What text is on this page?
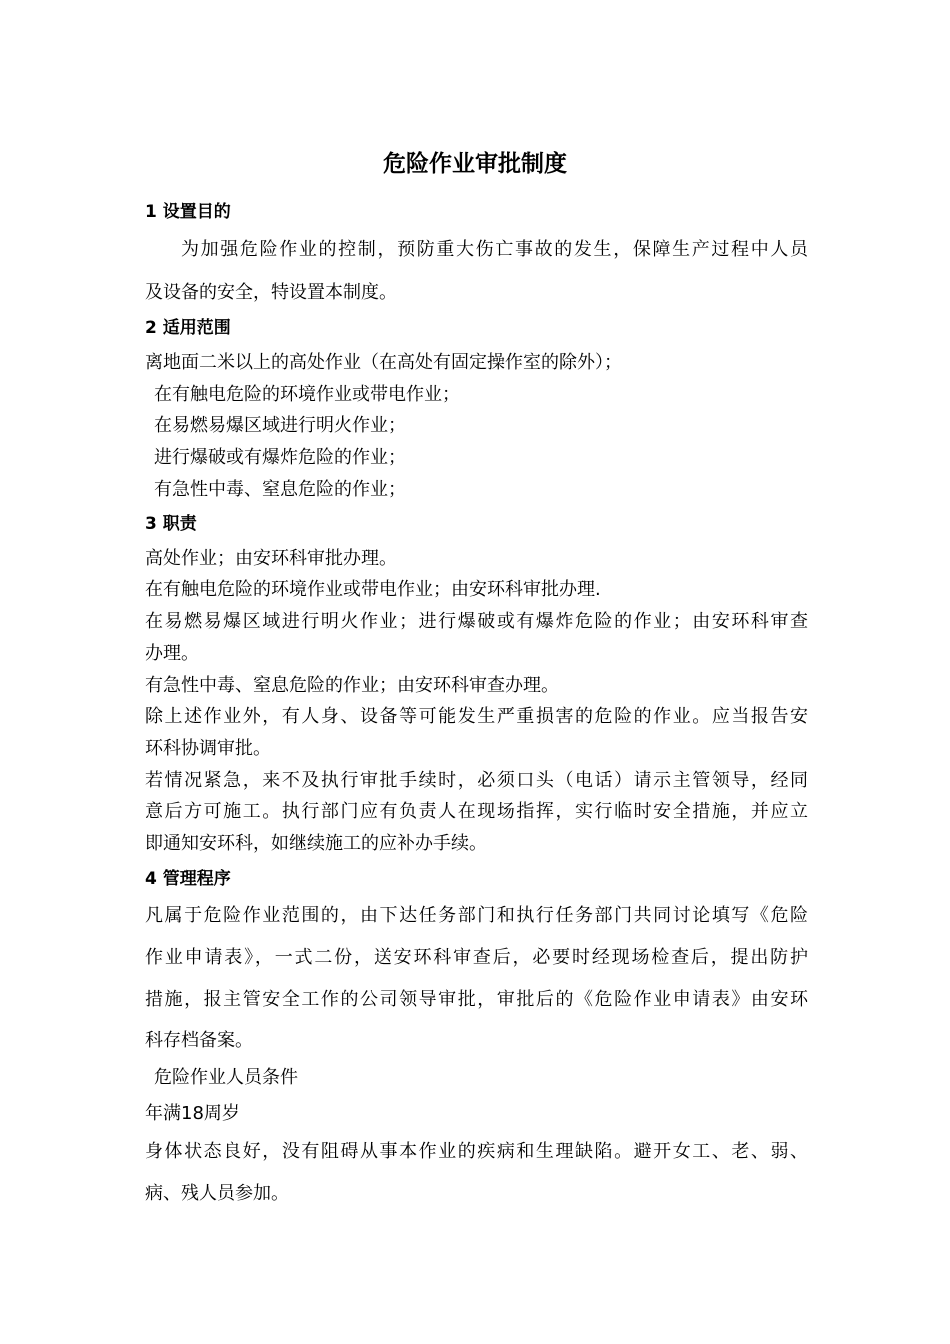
危险作业审批制度
1 设置目的
为加强危险作业的控制，预防重大伤亡事故的发生，保障生产过程中人员
及设备的安全，特设置本制度。
2 适用范围
离地面二米以上的高处作业（在高处有固定操作室的除外）；
在有触电危险的环境作业或带电作业；
在易燃易爆区域进行明火作业；
进行爆破或有爆炸危险的作业；
有急性中毒、窒息危险的作业；
3 职责
高处作业；由安环科审批办理。
在有触电危险的环境作业或带电作业；由安环科审批办理.
在易燃易爆区域进行明火作业；进行爆破或有爆炸危险的作业；由安环科审查
办理。
有急性中毒、窒息危险的作业；由安环科审查办理。
除上述作业外，有人身、设备等可能发生严重损害的危险的作业。应当报告安
环科协调审批。
若情况紧急，来不及执行审批手续时，必须口头（电话）请示主管领导，经同
意后方可施工。执行部门应有负责人在现场指挥，实行临时安全措施，并应立
即通知安环科，如继续施工的应补办手续。
4 管理程序
凡属于危险作业范围的，由下达任务部门和执行任务部门共同讨论填写《危险
作业申请表》，一式二份，送安环科审查后，必要时经现场检查后，提出防护
措施，报主管安全工作的公司领导审批，审批后的《危险作业申请表》由安环
科存档备案。
危险作业人员条件
年满18周岁
身体状态良好，没有阻碍从事本作业的疾病和生理缺陷。避开女工、老、弱、
病、残人员参加。
